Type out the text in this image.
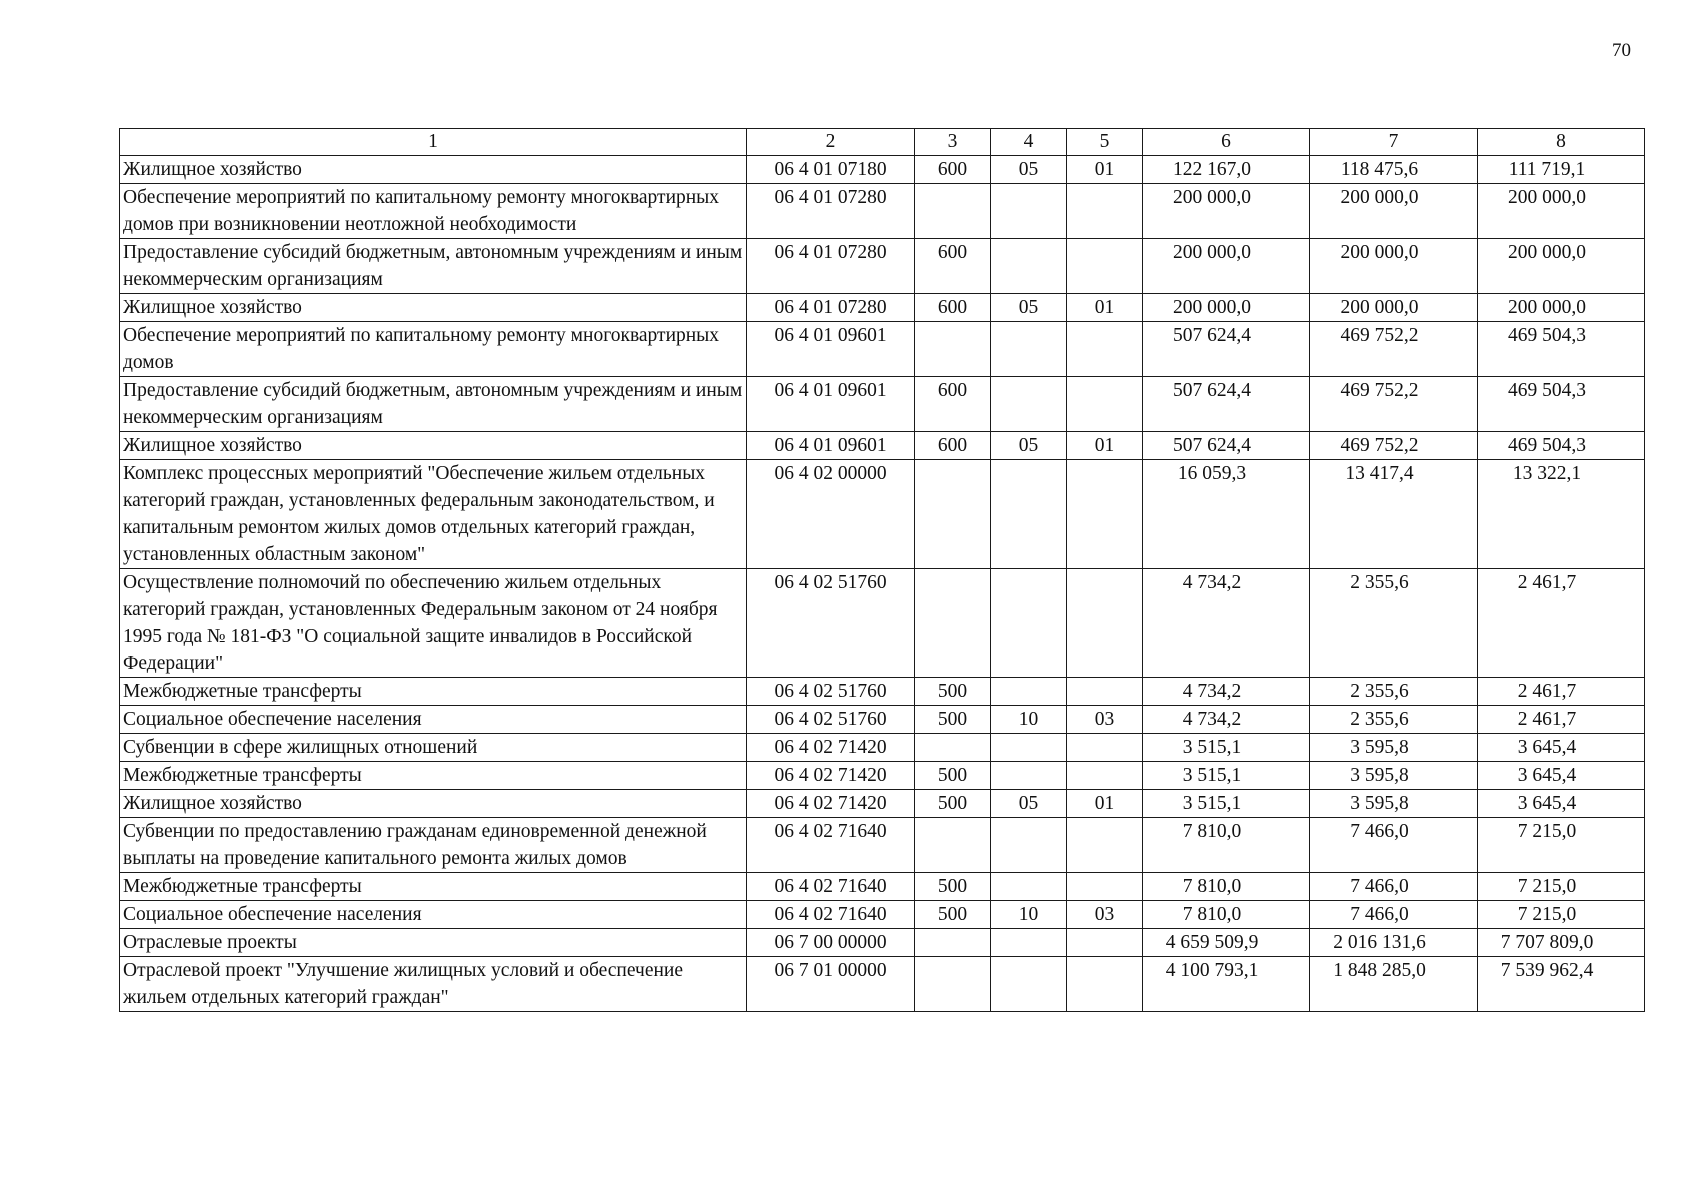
70
1	2	3	4	5	6	7	8
Жилищное хозяйство	06 4 01 07180	600	05	01	122 167,0	118 475,6	111 719,1
Обеспечение мероприятий по капитальному ремонту многоквартирных домов при возникновении неотложной необходимости	06 4 01 07280				200 000,0	200 000,0	200 000,0
Предоставление субсидий бюджетным, автономным учреждениям и иным некоммерческим организациям	06 4 01 07280	600			200 000,0	200 000,0	200 000,0
Жилищное хозяйство	06 4 01 07280	600	05	01	200 000,0	200 000,0	200 000,0
Обеспечение мероприятий по капитальному ремонту многоквартирных домов	06 4 01 09601				507 624,4	469 752,2	469 504,3
Предоставление субсидий бюджетным, автономным учреждениям и иным некоммерческим организациям	06 4 01 09601	600			507 624,4	469 752,2	469 504,3
Жилищное хозяйство	06 4 01 09601	600	05	01	507 624,4	469 752,2	469 504,3
Комплекс процессных мероприятий "Обеспечение жильем отдельных категорий граждан, установленных федеральным законодательством, и капитальным ремонтом жилых домов отдельных категорий граждан, установленных областным законом"	06 4 02 00000				16 059,3	13 417,4	13 322,1
Осуществление полномочий по обеспечению жильем отдельных категорий граждан, установленных Федеральным законом от 24 ноября 1995 года № 181-ФЗ "О социальной защите инвалидов в Российской Федерации"	06 4 02 51760				4 734,2	2 355,6	2 461,7
Межбюджетные трансферты	06 4 02 51760	500			4 734,2	2 355,6	2 461,7
Социальное обеспечение населения	06 4 02 51760	500	10	03	4 734,2	2 355,6	2 461,7
Субвенции в сфере жилищных отношений	06 4 02 71420				3 515,1	3 595,8	3 645,4
Межбюджетные трансферты	06 4 02 71420	500			3 515,1	3 595,8	3 645,4
Жилищное хозяйство	06 4 02 71420	500	05	01	3 515,1	3 595,8	3 645,4
Субвенции по предоставлению гражданам единовременной денежной выплаты на проведение капитального ремонта жилых домов	06 4 02 71640				7 810,0	7 466,0	7 215,0
Межбюджетные трансферты	06 4 02 71640	500			7 810,0	7 466,0	7 215,0
Социальное обеспечение населения	06 4 02 71640	500	10	03	7 810,0	7 466,0	7 215,0
Отраслевые проекты	06 7 00 00000				4 659 509,9	2 016 131,6	7 707 809,0
Отраслевой проект "Улучшение жилищных условий и обеспечение жильем отдельных категорий граждан"	06 7 01 00000				4 100 793,1	1 848 285,0	7 539 962,4
